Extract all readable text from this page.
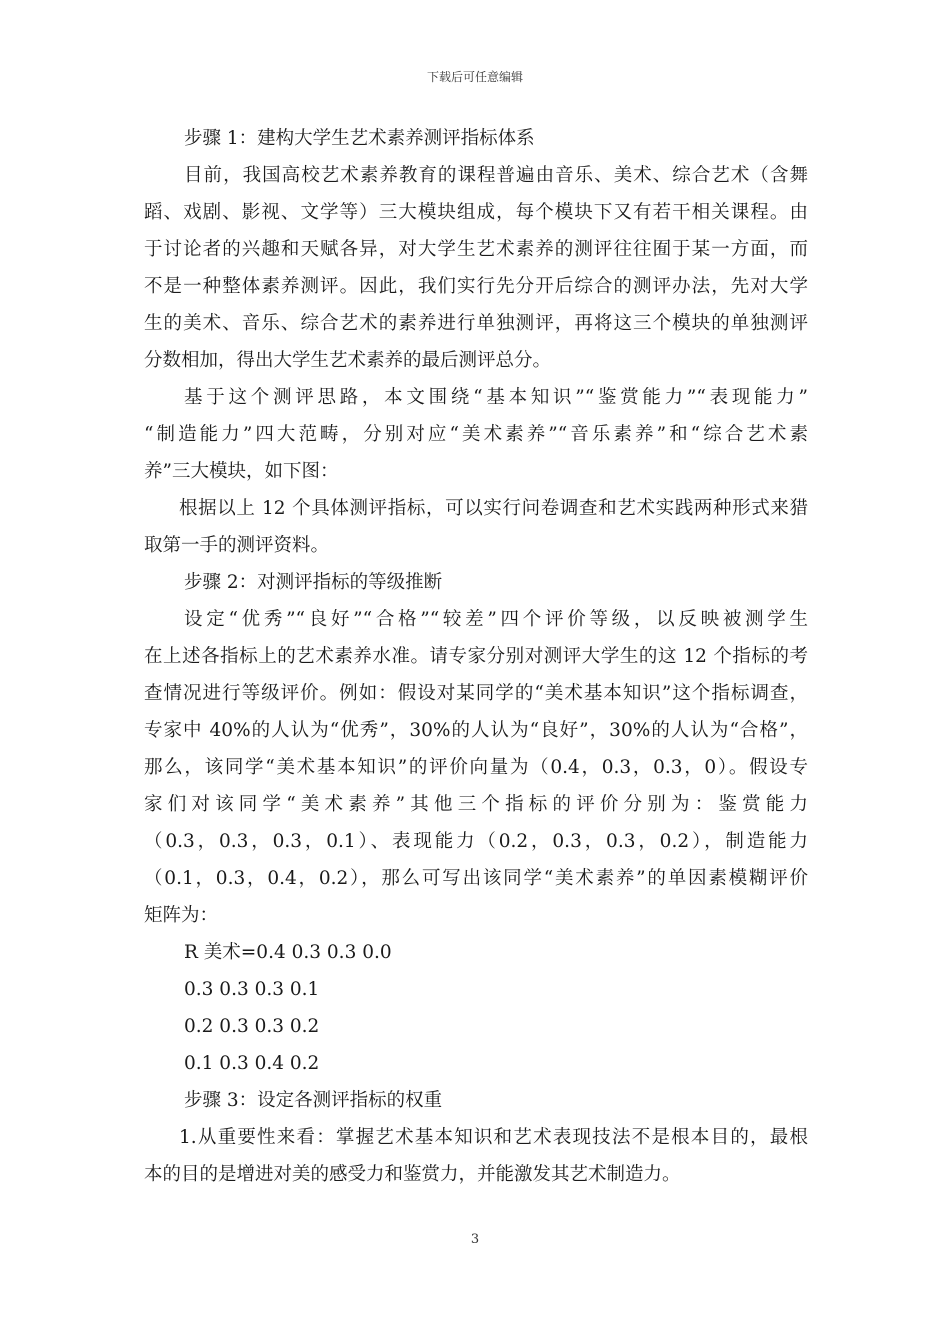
下载后可任意编辑
步骤 1：建构大学生艺术素养测评指标体系
目前，我国高校艺术素养教育的课程普遍由音乐、美术、综合艺术（含舞
蹈、戏剧、影视、文学等）三大模块组成，每个模块下又有若干相关课程。由
于讨论者的兴趣和天赋各异，对大学生艺术素养的测评往往囿于某一方面，而
不是一种整体素养测评。因此，我们实行先分开后综合的测评办法，先对大学
生的美术、音乐、综合艺术的素养进行单独测评，再将这三个模块的单独测评
分数相加，得出大学生艺术素养的最后测评总分。
基于这个测评思路，本文围绕“基本知识”“鉴赏能力”“表现能力”
“制造能力”四大范畴，分别对应“美术素养”“音乐素养”和“综合艺术素
养”三大模块，如下图：
根据以上 12 个具体测评指标，可以实行问卷调查和艺术实践两种形式来猎
取第一手的测评资料。
步骤 2：对测评指标的等级推断
设定“优秀”“良好”“合格”“较差”四个评价等级，以反映被测学生
在上述各指标上的艺术素养水准。请专家分别对测评大学生的这 12 个指标的考
查情况进行等级评价。例如：假设对某同学的“美术基本知识”这个指标调查，
专家中 40%的人认为“优秀”，30%的人认为“良好”，30%的人认为“合格”，
那么，该同学“美术基本知识”的评价向量为（0.4，0.3，0.3，0）。假设专
家们对该同学“美术素养”其他三个指标的评价分别为：鉴赏能力
（0.3，0.3，0.3，0.1）、表现能力（0.2，0.3，0.3，0.2），制造能力
（0.1，0.3，0.4，0.2），那么可写出该同学“美术素养”的单因素模糊评价
矩阵为：
R 美术=0.4 0.3 0.3 0.0
0.3 0.3 0.3 0.1
0.2 0.3 0.3 0.2
0.1 0.3 0.4 0.2
步骤 3：设定各测评指标的权重
1.从重要性来看：掌握艺术基本知识和艺术表现技法不是根本目的，最根
本的目的是增进对美的感受力和鉴赏力，并能激发其艺术制造力。
3
